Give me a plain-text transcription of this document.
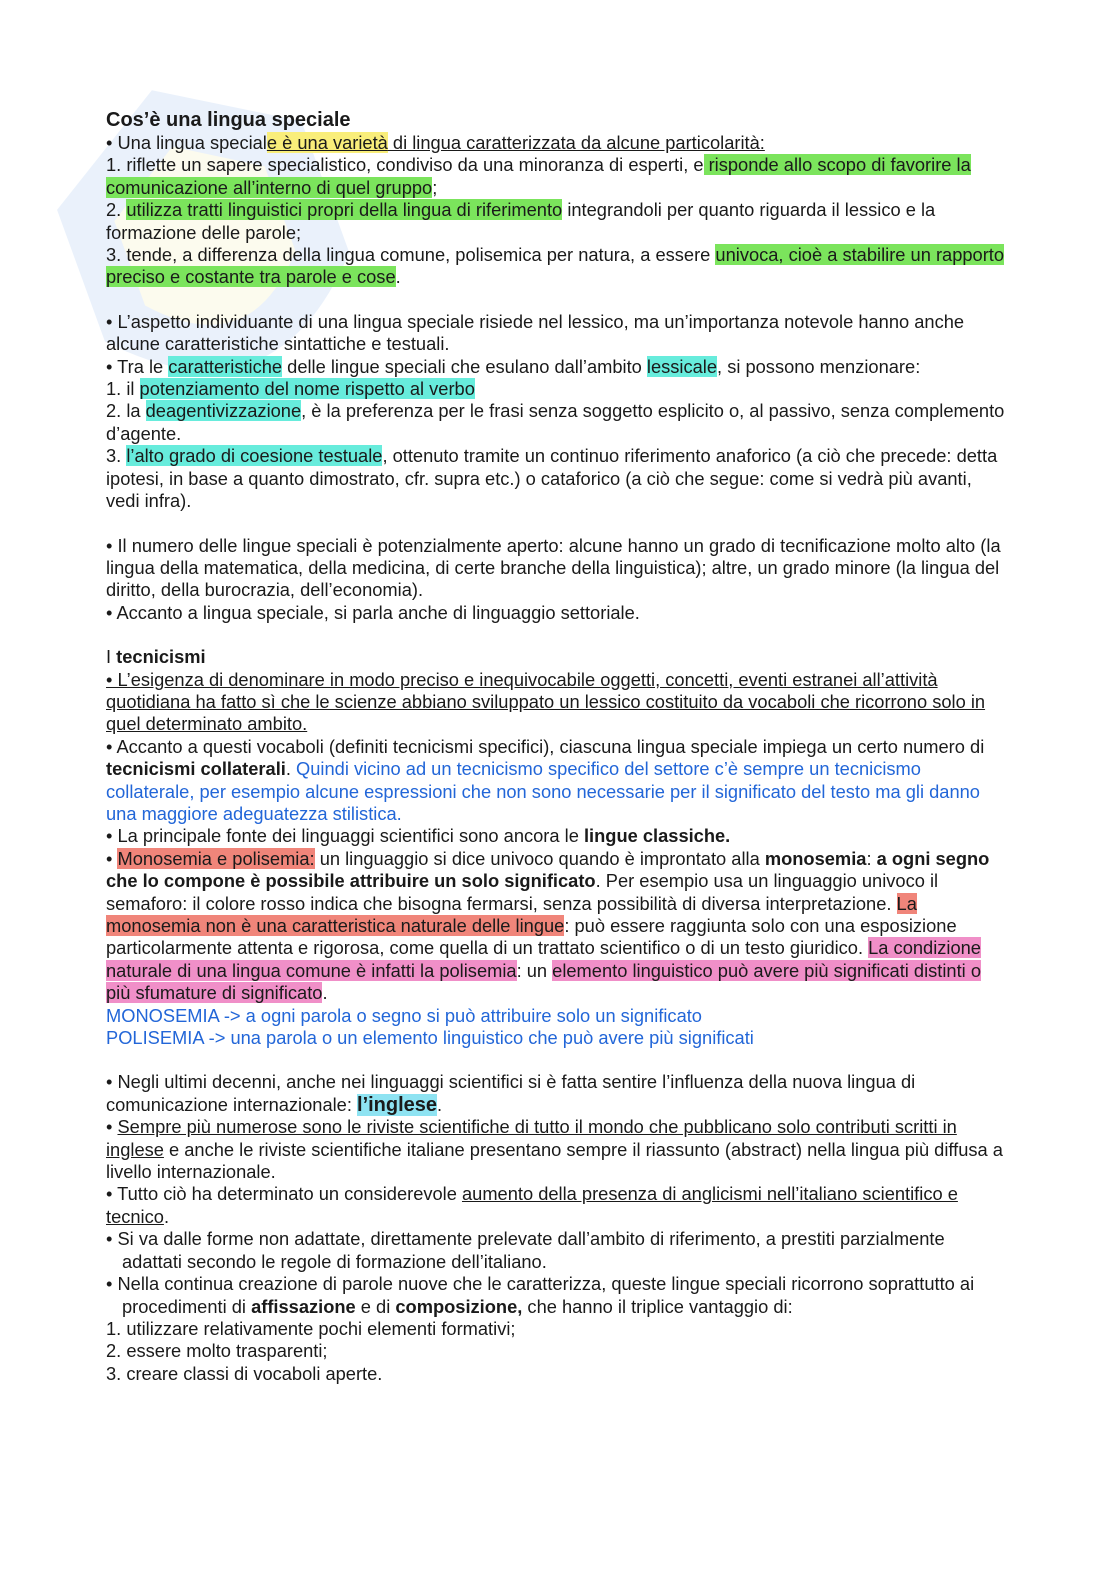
Cos’è una lingua speciale

• Una lingua speciale è una varietà di lingua caratterizzata da alcune particolarità:

1. riflette un sapere specialistico, condiviso da una minoranza di esperti, e risponde allo scopo di favorire la comunicazione all’interno di quel gruppo;

2. utilizza tratti linguistici propri della lingua di riferimento integrandoli per quanto riguarda il lessico e la formazione delle parole;

3. tende, a differenza della lingua comune, polisemica per natura, a essere univoca, cioè a stabilire un rapporto preciso e costante tra parole e cose.

• L’aspetto individuante di una lingua speciale risiede nel lessico, ma un’importanza notevole hanno anche alcune caratteristiche sintattiche e testuali.

• Tra le caratteristiche delle lingue speciali che esulano dall’ambito lessicale, si possono menzionare:

1. il potenziamento del nome rispetto al verbo

2. la deagentivizzazione, è la preferenza per le frasi senza soggetto esplicito o, al passivo, senza complemento d’agente.

3. l’alto grado di coesione testuale, ottenuto tramite un continuo riferimento anaforico (a ciò che precede: detta ipotesi, in base a quanto dimostrato, cfr. supra etc.) o cataforico (a ciò che segue: come si vedrà più avanti, vedi infra).

• Il numero delle lingue speciali è potenzialmente aperto: alcune hanno un grado di tecnificazione molto alto (la lingua della matematica, della medicina, di certe branche della linguistica); altre, un grado minore (la lingua del diritto, della burocrazia, dell’economia).

• Accanto a lingua speciale, si parla anche di linguaggio settoriale.

I tecnicismi

• L’esigenza di denominare in modo preciso e inequivocabile oggetti, concetti, eventi estranei all’attività quotidiana ha fatto sì che le scienze abbiano sviluppato un lessico costituito da vocaboli che ricorrono solo in quel determinato ambito.

• Accanto a questi vocaboli (definiti tecnicismi specifici), ciascuna lingua speciale impiega un certo numero di tecnicismi collaterali. Quindi vicino ad un tecnicismo specifico del settore c’è sempre un tecnicismo collaterale, per esempio alcune espressioni che non sono necessarie per il significato del testo ma gli danno una maggiore adeguatezza stilistica.

• La principale fonte dei linguaggi scientifici sono ancora le lingue classiche.

• Monosemia e polisemia: un linguaggio si dice univoco quando è improntato alla monosemia: a ogni segno che lo compone è possibile attribuire un solo significato. Per esempio usa un linguaggio univoco il semaforo: il colore rosso indica che bisogna fermarsi, senza possibilità di diversa interpretazione. La monosemia non è una caratteristica naturale delle lingue: può essere raggiunta solo con una esposizione particolarmente attenta e rigorosa, come quella di un trattato scientifico o di un testo giuridico. La condizione naturale di una lingua comune è infatti la polisemia: un elemento linguistico può avere più significati distinti o più sfumature di significato.

MONOSEMIA -> a ogni parola o segno si può attribuire solo un significato

POLISEMIA -> una parola o un elemento linguistico che può avere più significati

• Negli ultimi decenni, anche nei linguaggi scientifici si è fatta sentire l’influenza della nuova lingua di comunicazione internazionale: l’inglese.

• Sempre più numerose sono le riviste scientifiche di tutto il mondo che pubblicano solo contributi scritti in inglese e anche le riviste scientifiche italiane presentano sempre il riassunto (abstract) nella lingua più diffusa a livello internazionale.

• Tutto ciò ha determinato un considerevole aumento della presenza di anglicismi nell’italiano scientifico e tecnico.

• Si va dalle forme non adattate, direttamente prelevate dall’ambito di riferimento, a prestiti parzialmente adattati secondo le regole di formazione dell’italiano.

• Nella continua creazione di parole nuove che le caratterizza, queste lingue speciali ricorrono soprattutto ai procedimenti di affissazione e di composizione, che hanno il triplice vantaggio di:

1. utilizzare relativamente pochi elementi formativi;

2. essere molto trasparenti;

3. creare classi di vocaboli aperte.
